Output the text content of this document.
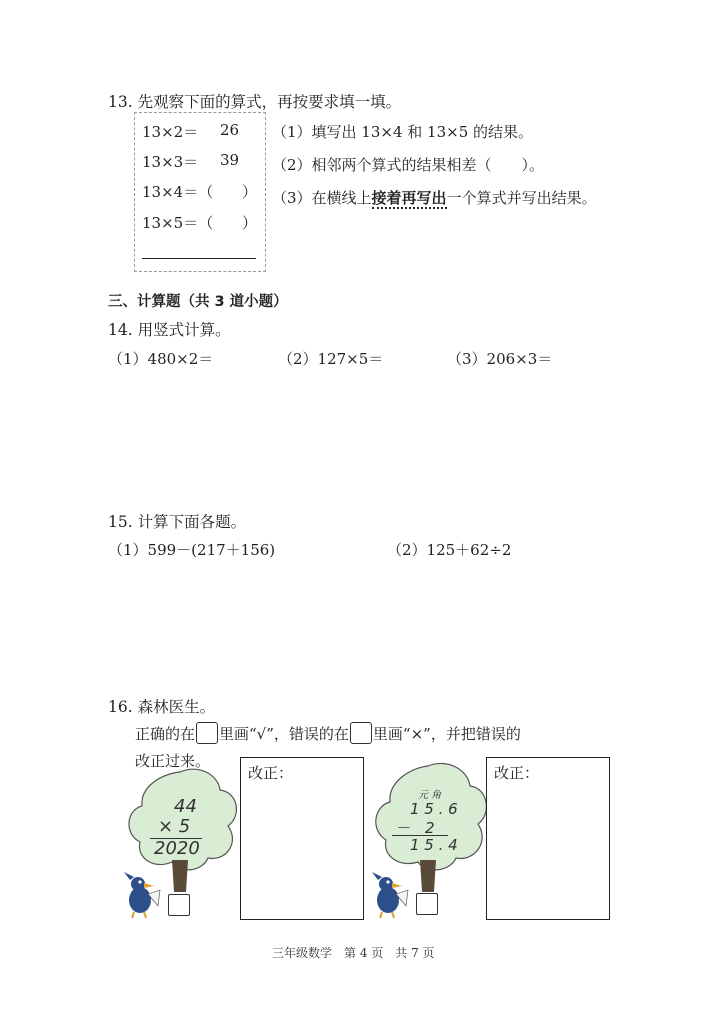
13. 先观察下面的算式，再按要求填一填。
13×2＝ 26
13×3＝ 39
13×4＝（ ）
13×5＝（ ）
（1）填写出 13×4 和 13×5 的结果。
（2）相邻两个算式的结果相差（　　）。
（3）在横线上接着再写出一个算式并写出结果。
三、计算题（共 3 道小题）
14. 用竖式计算。
（1）480×2＝	（2）127×5＝	（3）206×3＝
15. 计算下面各题。
（1）599－(217＋156)	（2）125＋62÷2
16. 森林医生。
正确的在 里画“√”，错误的在 里画“×”，并把错误的
改正过来。
44
× 5
2020
改正：
元 角
1 5 . 6
－　2
1 5 . 4
改正：
三年级数学　第 4 页　共 7 页
